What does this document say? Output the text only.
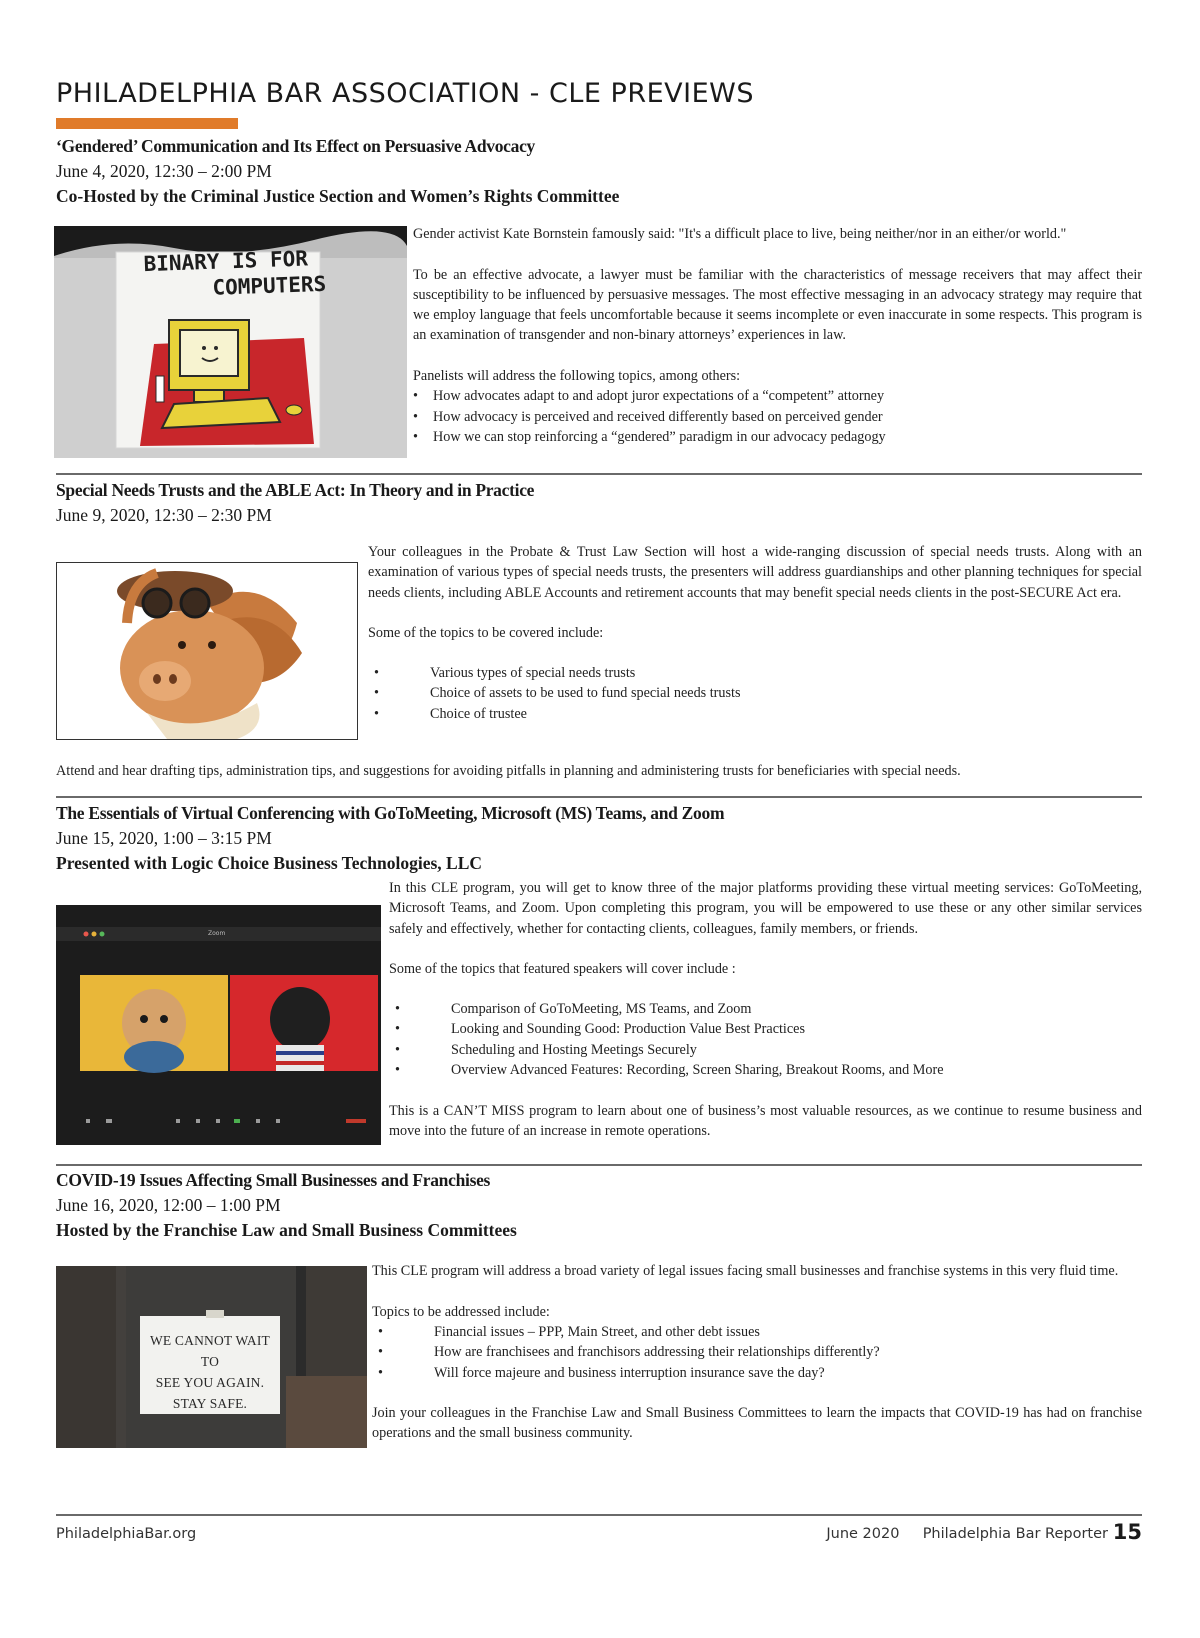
PHILADELPHIA BAR ASSOCIATION - CLE PREVIEWS
‘Gendered’ Communication and Its Effect on Persuasive Advocacy
June 4, 2020, 12:30 – 2:00 PM
Co-Hosted by the Criminal Justice Section and Women’s Rights Committee
BINARY IS FOR
COMPUTERS

Gender activist Kate Bornstein famously said: "It's a difficult place to live, being neither/nor in an either/or world."

To be an effective advocate, a lawyer must be familiar with the characteristics of message receivers that may affect their susceptibility to be influenced by persuasive messages. The most effective messaging in an advocacy strategy may require that we employ language that feels uncomfortable because it seems incomplete or even inaccurate in some respects. This program is an examination of transgender and non-binary attorneys’ experiences in law.

Panelists will address the following topics, among others:

• How advocates adapt to and adopt juror expectations of a “competent” attorney
• How advocacy is perceived and received differently based on perceived gender
• How we can stop reinforcing a “gendered” paradigm in our advocacy pedagogy
Special Needs Trusts and the ABLE Act: In Theory and in Practice
June 9, 2020, 12:30 – 2:30 PM

Your colleagues in the Probate & Trust Law Section will host a wide-ranging discussion of special needs trusts. Along with an examination of various types of special needs trusts, the presenters will address guardianships and other planning techniques for special needs clients, including ABLE Accounts and retirement accounts that may benefit special needs clients in the post-SECURE Act era.

Some of the topics to be covered include:

•	Various types of special needs trusts
•	Choice of assets to be used to fund special needs trusts
•	Choice of trustee
Attend and hear drafting tips, administration tips, and suggestions for avoiding pitfalls in planning and administering trusts for beneficiaries with special needs.
The Essentials of Virtual Conferencing with GoToMeeting, Microsoft (MS) Teams, and Zoom
June 15, 2020, 1:00 – 3:15 PM
Presented with Logic Choice Business Technologies, LLC
Zoom

In this CLE program, you will get to know three of the major platforms providing these virtual meeting services: GoToMeeting, Microsoft Teams, and Zoom. Upon completing this program, you will be empowered to use these or any other similar services safely and effectively, whether for contacting clients, colleagues, family members, or friends.

Some of the topics that featured speakers will cover include :

•	Comparison of GoToMeeting, MS Teams, and Zoom
•	Looking and Sounding Good: Production Value Best Practices
•	Scheduling and Hosting Meetings Securely
•	Overview Advanced Features: Recording, Screen Sharing, Breakout Rooms, and More
This is a CAN’T MISS program to learn about one of business’s most valuable resources, as we continue to resume business and move into the future of an increase in remote operations.
COVID-19 Issues Affecting Small Businesses and Franchises
June 16, 2020, 12:00 – 1:00 PM
Hosted by the Franchise Law and Small Business Committees
WE CANNOT WAIT TO
SEE YOU AGAIN.
STAY SAFE.

This CLE program will address a broad variety of legal issues facing small businesses and franchise systems in this very fluid time.

Topics to be addressed include:

•	Financial issues – PPP, Main Street, and other debt issues
•	How are franchisees and franchisors addressing their relationships differently?
•	Will force majeure and business interruption insurance save the day?
Join your colleagues in the Franchise Law and Small Business Committees to learn the impacts that COVID-19 has had on franchise operations and the small business community.
PhiladelphiaBar.org	June 2020 Philadelphia Bar Reporter 15
